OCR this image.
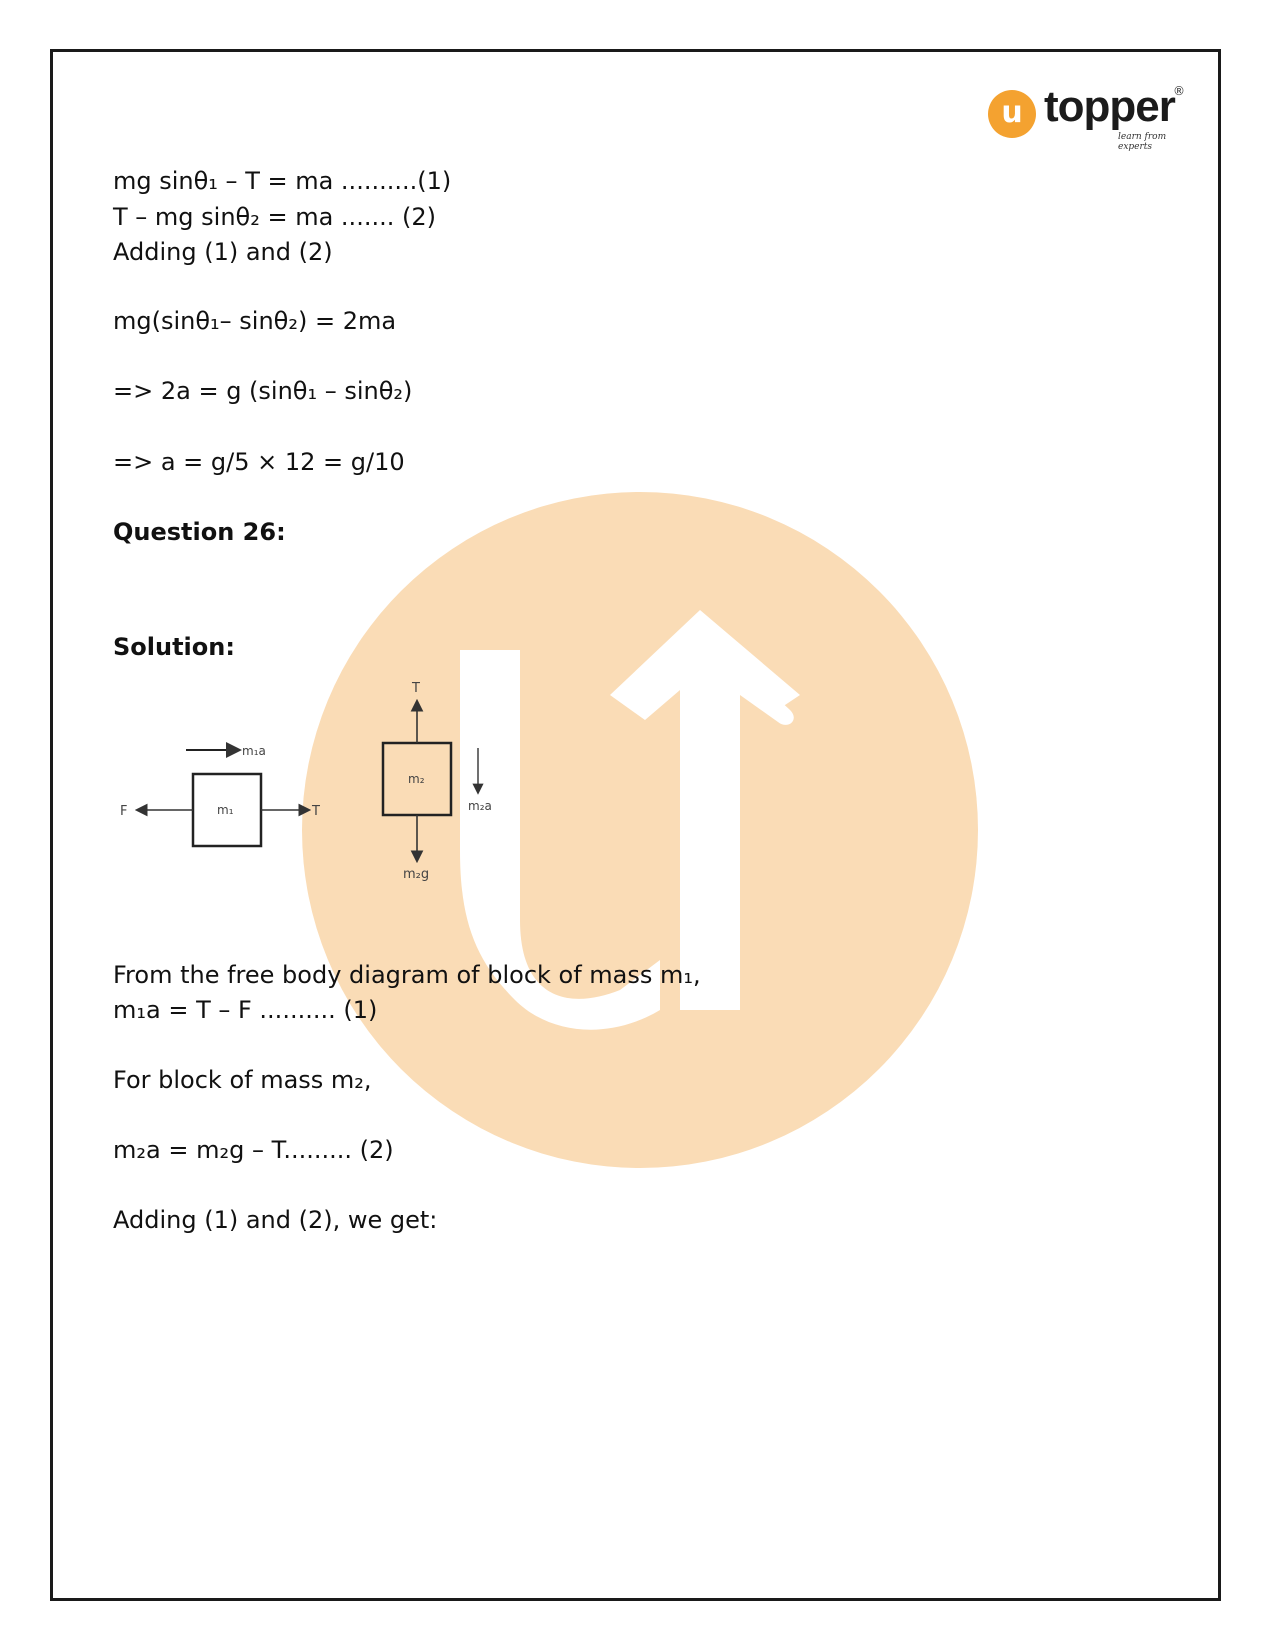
u topper
®
learn from experts
mg sinθ₁ – T = ma ..........(1)
T – mg sinθ₂ = ma ....... (2)
Adding (1) and (2)
mg(sinθ₁– sinθ₂) = 2ma
=> 2a = g (sinθ₁ – sinθ₂)
=> a = g/5 × 12 = g/10
Question 26:
Solution:
m₁
F	T
m₁a
m₂
T
m₂g
m₂a
From the free body diagram of block of mass m₁,
m₁a = T – F .......... (1)
For block of mass m₂,
m₂a = m₂g – T......... (2)
Adding (1) and (2), we get:
